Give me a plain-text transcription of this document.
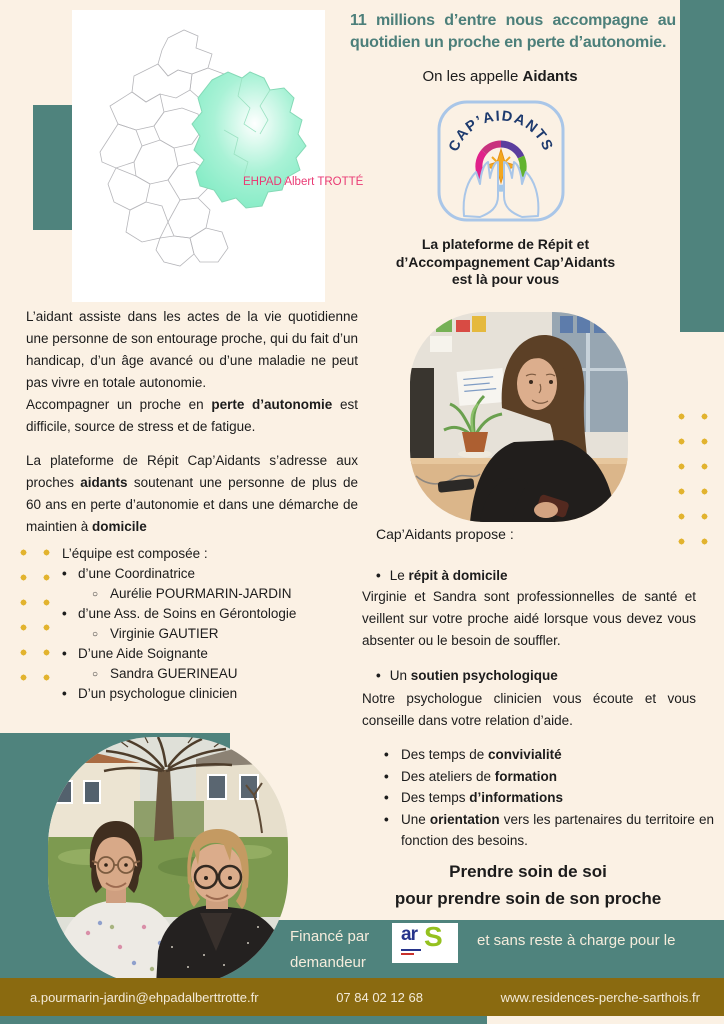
EHPAD Albert TROTTÉ
11 millions d’entre nous accompagne au
quotidien un proche en perte d’autonomie.
On les appelle Aidants
CAP’AIDANTS
La plateforme de Répit et
d’Accompagnement Cap’Aidants
est là pour vous

L’aidant assiste dans les actes de la vie quotidienne une personne de son entourage proche, qui du fait d’un handicap, d’un âge avancé ou d’une maladie ne peut pas vivre en totale autonomie.

Accompagner un proche en perte d’autonomie est difficile, source de stress et de fatigue.

La plateforme de Répit Cap’Aidants s’adresse aux proches aidants soutenant une personne de plus de 60 ans en perte d’autonomie et dans une démarche de maintien à domicile

L’équipe est composée :
• d’une Coordinatrice
○ Aurélie POURMARIN-JARDIN
• d’une Ass. de Soins en Gérontologie
○ Virginie GAUTIER
• D’une Aide Soignante
○ Sandra GUERINEAU
• D’un psychologue clinicien
Cap’Aidants propose :
• Le répit à domicile

Virginie et Sandra sont professionnelles de santé et veillent sur votre proche aidé lorsque vous devez vous absenter ou le besoin de souffler.

• Un soutien psychologique

Notre psychologue clinicien vous écoute et vous conseille dans votre relation d’aide.

• Des temps de convivialité
• Des ateliers de formation
• Des temps d’informations
• Une orientation vers les partenaires du territoire en fonction des besoins.
Prendre soin de soi
pour prendre soin de son proche
Financé par
demandeur
ar S et sans reste à charge pour le
a.pourmarin-jardin@ehpadalberttrotte.fr	07 84 02 12 68	www.residences-perche-sarthois.fr
